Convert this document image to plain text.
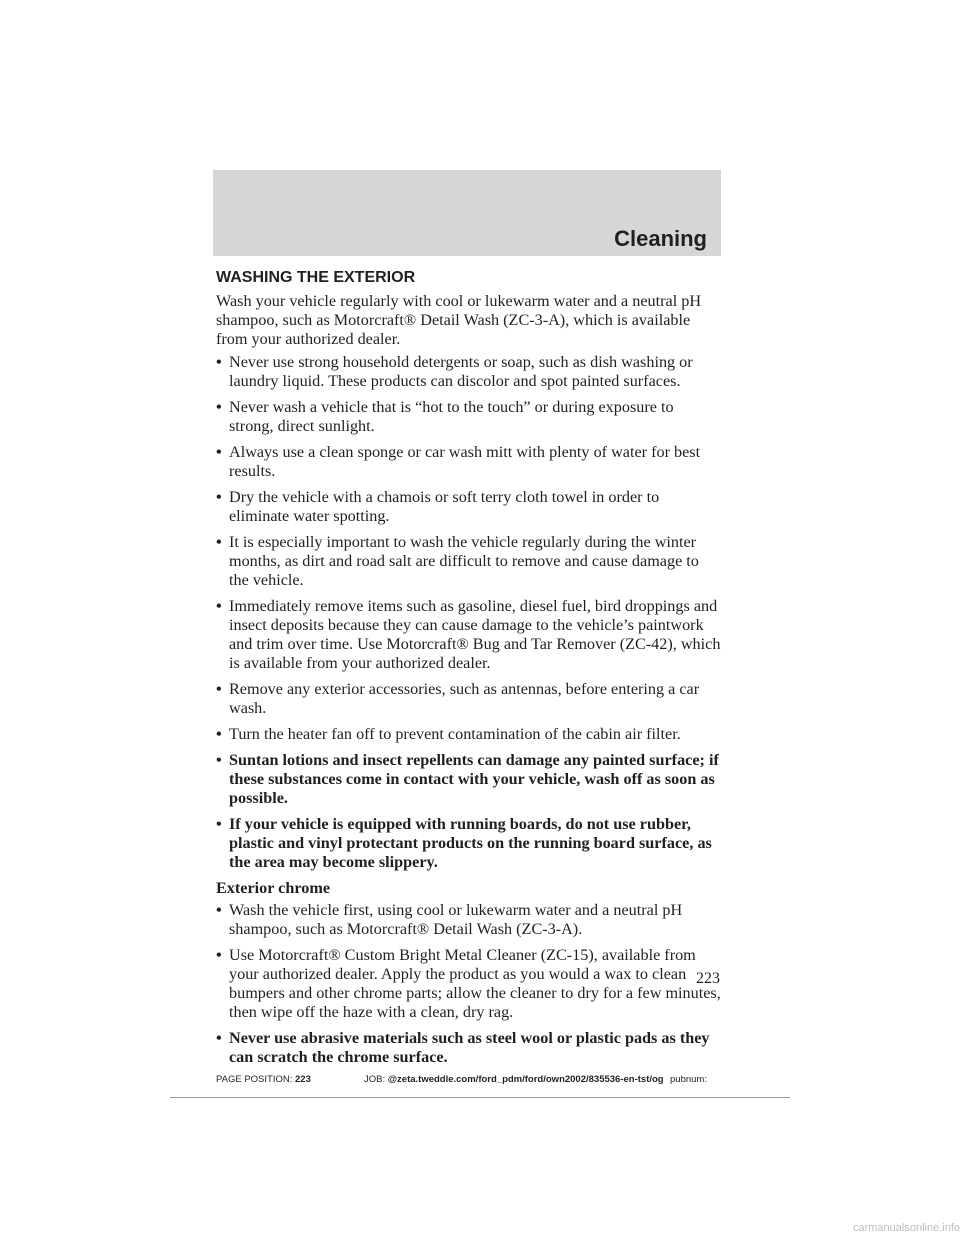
Cleaning
WASHING THE EXTERIOR
Wash your vehicle regularly with cool or lukewarm water and a neutral pH shampoo, such as Motorcraft® Detail Wash (ZC-3-A), which is available from your authorized dealer.
• Never use strong household detergents or soap, such as dish washing or laundry liquid. These products can discolor and spot painted surfaces.
• Never wash a vehicle that is “hot to the touch” or during exposure to strong, direct sunlight.
• Always use a clean sponge or car wash mitt with plenty of water for best results.
• Dry the vehicle with a chamois or soft terry cloth towel in order to eliminate water spotting.
• It is especially important to wash the vehicle regularly during the winter months, as dirt and road salt are difficult to remove and cause damage to the vehicle.
• Immediately remove items such as gasoline, diesel fuel, bird droppings and insect deposits because they can cause damage to the vehicle’s paintwork and trim over time. Use Motorcraft® Bug and Tar Remover (ZC-42), which is available from your authorized dealer.
• Remove any exterior accessories, such as antennas, before entering a car wash.
• Turn the heater fan off to prevent contamination of the cabin air filter.
• Suntan lotions and insect repellents can damage any painted surface; if these substances come in contact with your vehicle, wash off as soon as possible.
• If your vehicle is equipped with running boards, do not use rubber, plastic and vinyl protectant products on the running board surface, as the area may become slippery.
Exterior chrome
• Wash the vehicle first, using cool or lukewarm water and a neutral pH shampoo, such as Motorcraft® Detail Wash (ZC-3-A).
• Use Motorcraft® Custom Bright Metal Cleaner (ZC-15), available from your authorized dealer. Apply the product as you would a wax to clean bumpers and other chrome parts; allow the cleaner to dry for a few minutes, then wipe off the haze with a clean, dry rag.
• Never use abrasive materials such as steel wool or plastic pads as they can scratch the chrome surface.
223
PAGE POSITION: 223	JOB: @zeta.tweddle.com/ford_pdm/ford/own2002/835536-en-tst/og pubnum:
carmanualsonline.info
